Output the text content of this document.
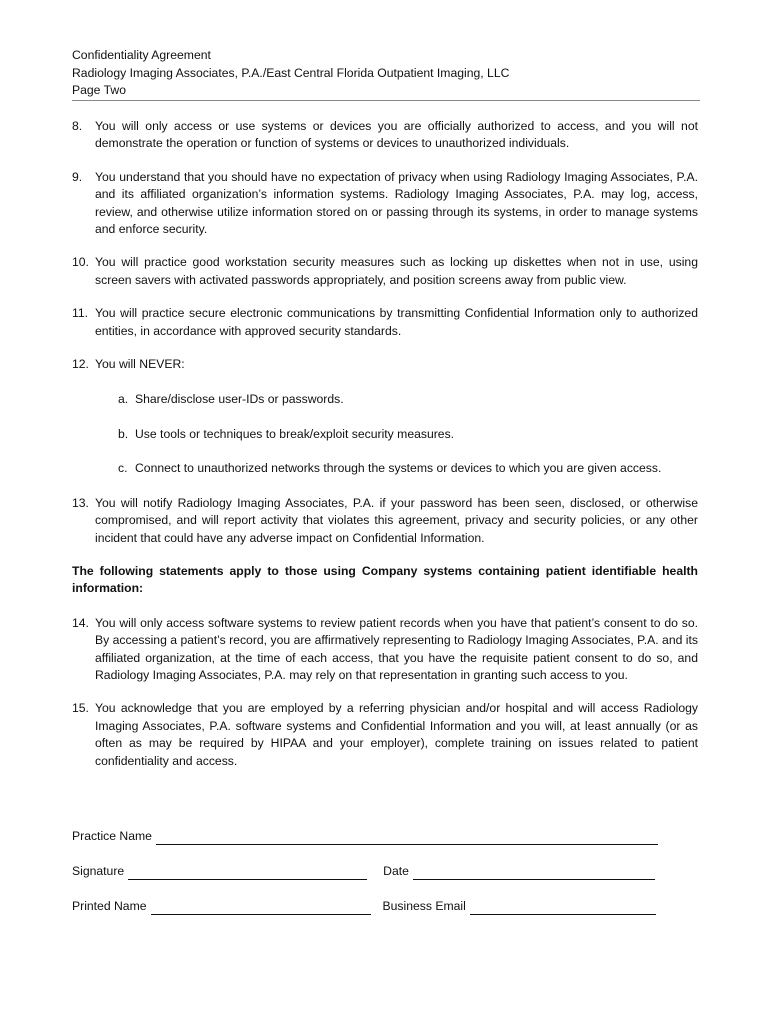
Confidentiality Agreement
Radiology Imaging Associates, P.A./East Central Florida Outpatient Imaging, LLC
Page Two
8.	You will only access or use systems or devices you are officially authorized to access, and you will not demonstrate the operation or function of systems or devices to unauthorized individuals.
9.	You understand that you should have no expectation of privacy when using Radiology Imaging Associates, P.A. and its affiliated organization’s information systems. Radiology Imaging Associates, P.A. may log, access, review, and otherwise utilize information stored on or passing through its systems, in order to manage systems and enforce security.
10. You will practice good workstation security measures such as locking up diskettes when not in use, using screen savers with activated passwords appropriately, and position screens away from public view.
11. You will practice secure electronic communications by transmitting Confidential Information only to authorized entities, in accordance with approved security standards.
12. You will NEVER:
a. Share/disclose user-IDs or passwords.
b. Use tools or techniques to break/exploit security measures.
c. Connect to unauthorized networks through the systems or devices to which you are given access.
13. You will notify Radiology Imaging Associates, P.A. if your password has been seen, disclosed, or otherwise compromised, and will report activity that violates this agreement, privacy and security policies, or any other incident that could have any adverse impact on Confidential Information.
The following statements apply to those using Company systems containing patient identifiable health information:
14. You will only access software systems to review patient records when you have that patient’s consent to do so. By accessing a patient’s record, you are affirmatively representing to Radiology Imaging Associates, P.A. and its affiliated organization, at the time of each access, that you have the requisite patient consent to do so, and Radiology Imaging Associates, P.A. may rely on that representation in granting such access to you.
15. You acknowledge that you are employed by a referring physician and/or hospital and will access Radiology Imaging Associates, P.A. software systems and Confidential Information and you will, at least annually (or as often as may be required by HIPAA and your employer), complete training on issues related to patient confidentiality and access.
Practice Name
Signature	Date
Printed Name	Business Email
